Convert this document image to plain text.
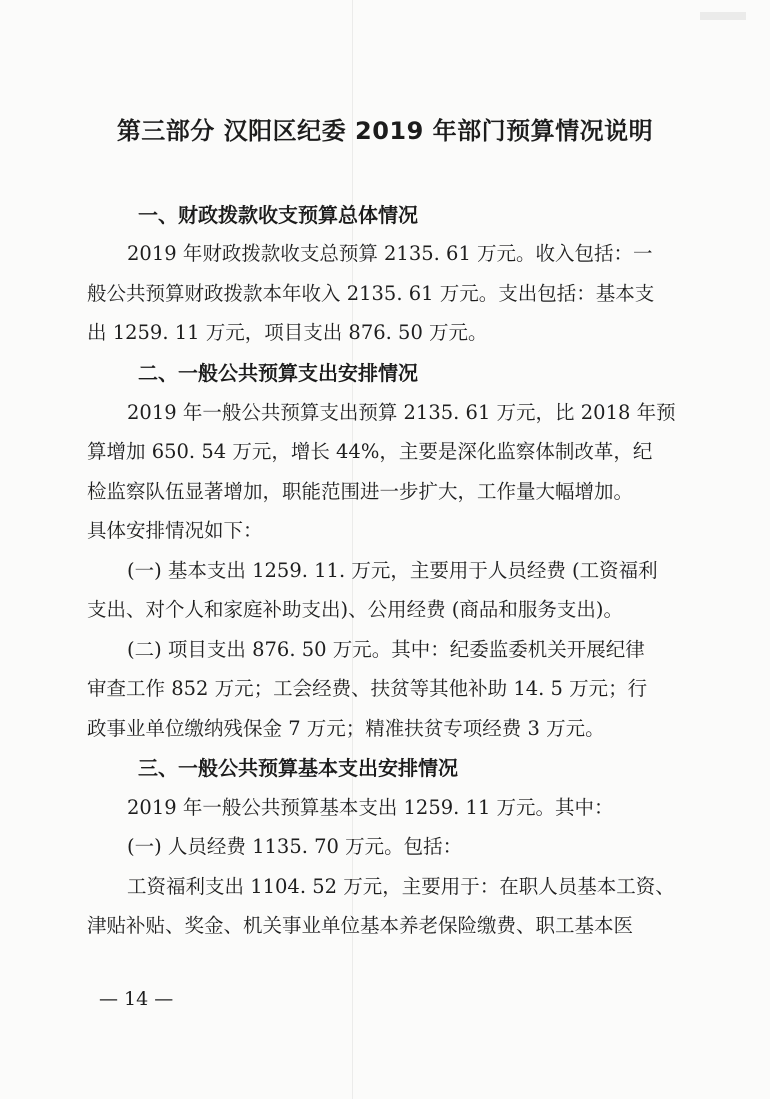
第三部分 汉阳区纪委 2019 年部门预算情况说明
一、财政拨款收支预算总体情况
2019 年财政拨款收支总预算 2135. 61 万元。收入包括：一
般公共预算财政拨款本年收入 2135. 61 万元。支出包括：基本支
出 1259. 11 万元，项目支出 876. 50 万元。
二、一般公共预算支出安排情况
2019 年一般公共预算支出预算 2135. 61 万元，比 2018 年预
算增加 650. 54 万元，增长 44%，主要是深化监察体制改革，纪
检监察队伍显著增加，职能范围进一步扩大，工作量大幅增加。
具体安排情况如下：
(一) 基本支出 1259. 11. 万元，主要用于人员经费 (工资福利
支出、对个人和家庭补助支出)、公用经费 (商品和服务支出)。
(二) 项目支出 876. 50 万元。其中：纪委监委机关开展纪律
审查工作 852 万元；工会经费、扶贫等其他补助 14. 5 万元；行
政事业单位缴纳残保金 7 万元；精准扶贫专项经费 3 万元。
三、一般公共预算基本支出安排情况
2019 年一般公共预算基本支出 1259. 11 万元。其中：
(一) 人员经费 1135. 70 万元。包括：
工资福利支出 1104. 52 万元，主要用于：在职人员基本工资、
津贴补贴、奖金、机关事业单位基本养老保险缴费、职工基本医
— 14 —
